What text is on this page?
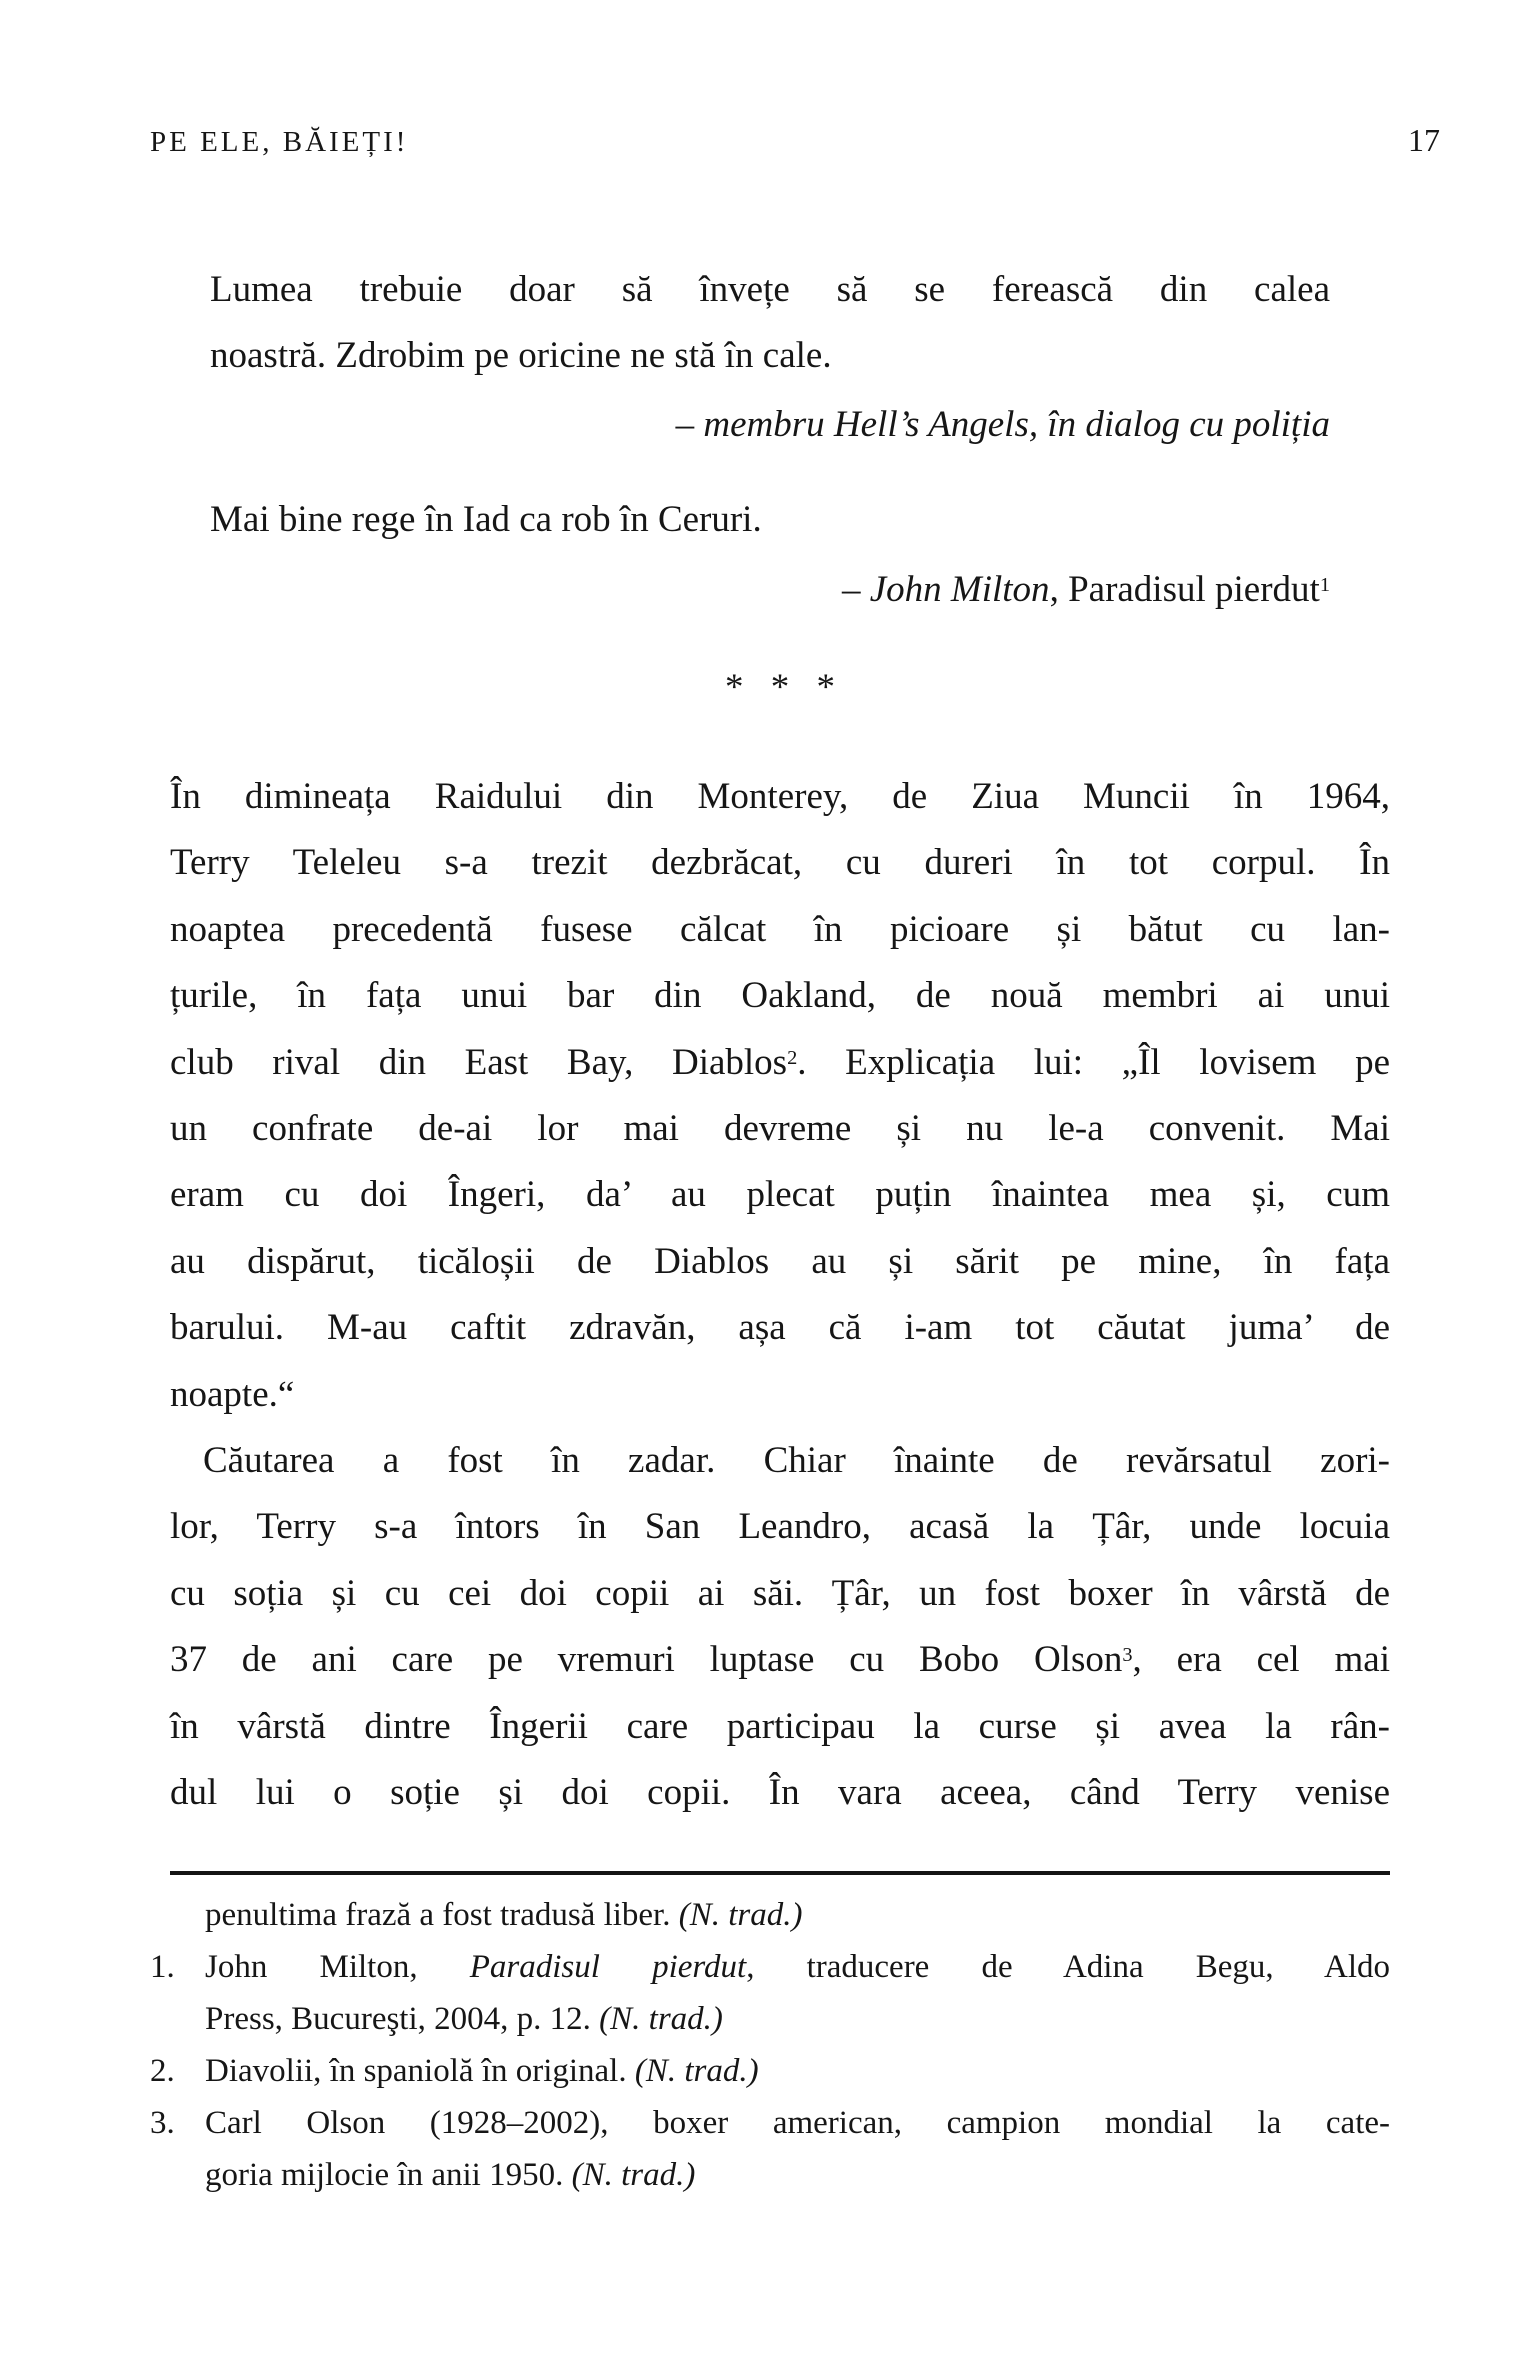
PE ELE, BĂIEȚI!	17
Lumea trebuie doar să învețe să se ferească din calea
noastră. Zdrobim pe oricine ne stă în cale.
– membru Hell’s Angels, în dialog cu poliția
Mai bine rege în Iad ca rob în Ceruri.
– John Milton, Paradisul pierdut$^1$
* * *
În dimineața Raidului din Monterey, de Ziua Muncii în 1964,
Terry Teleleu s-a trezit dezbrăcat, cu dureri în tot corpul. În
noaptea precedentă fusese călcat în picioare și bătut cu lan-
țurile, în fața unui bar din Oakland, de nouă membri ai unui
club rival din East Bay, Diablos$^2$. Explicația lui: „Îl lovisem pe
un confrate de-ai lor mai devreme și nu le-a convenit. Mai
eram cu doi Îngeri, da’ au plecat puțin înaintea mea și, cum
au dispărut, ticăloșii de Diablos au și sărit pe mine, în fața
barului. M-au caftit zdravăn, așa că i-am tot căutat juma’ de
noapte.“
Căutarea a fost în zadar. Chiar înainte de revărsatul zori-
lor, Terry s-a întors în San Leandro, acasă la Țâr, unde locuia
cu soția și cu cei doi copii ai săi. Țâr, un fost boxer în vârstă de
37 de ani care pe vremuri luptase cu Bobo Olson$^3$, era cel mai
în vârstă dintre Îngerii care participau la curse și avea la rân-
dul lui o soție și doi copii. În vara aceea, când Terry venise
penultima frază a fost tradusă liber. (N. trad.)
1. John Milton, Paradisul pierdut, traducere de Adina Begu, Aldo
Press, Bucureşti, 2004, p. 12. (N. trad.)
2. Diavolii, în spaniolă în original. (N. trad.)
3. Carl Olson (1928–2002), boxer american, campion mondial la cate-
goria mijlocie în anii 1950. (N. trad.)
